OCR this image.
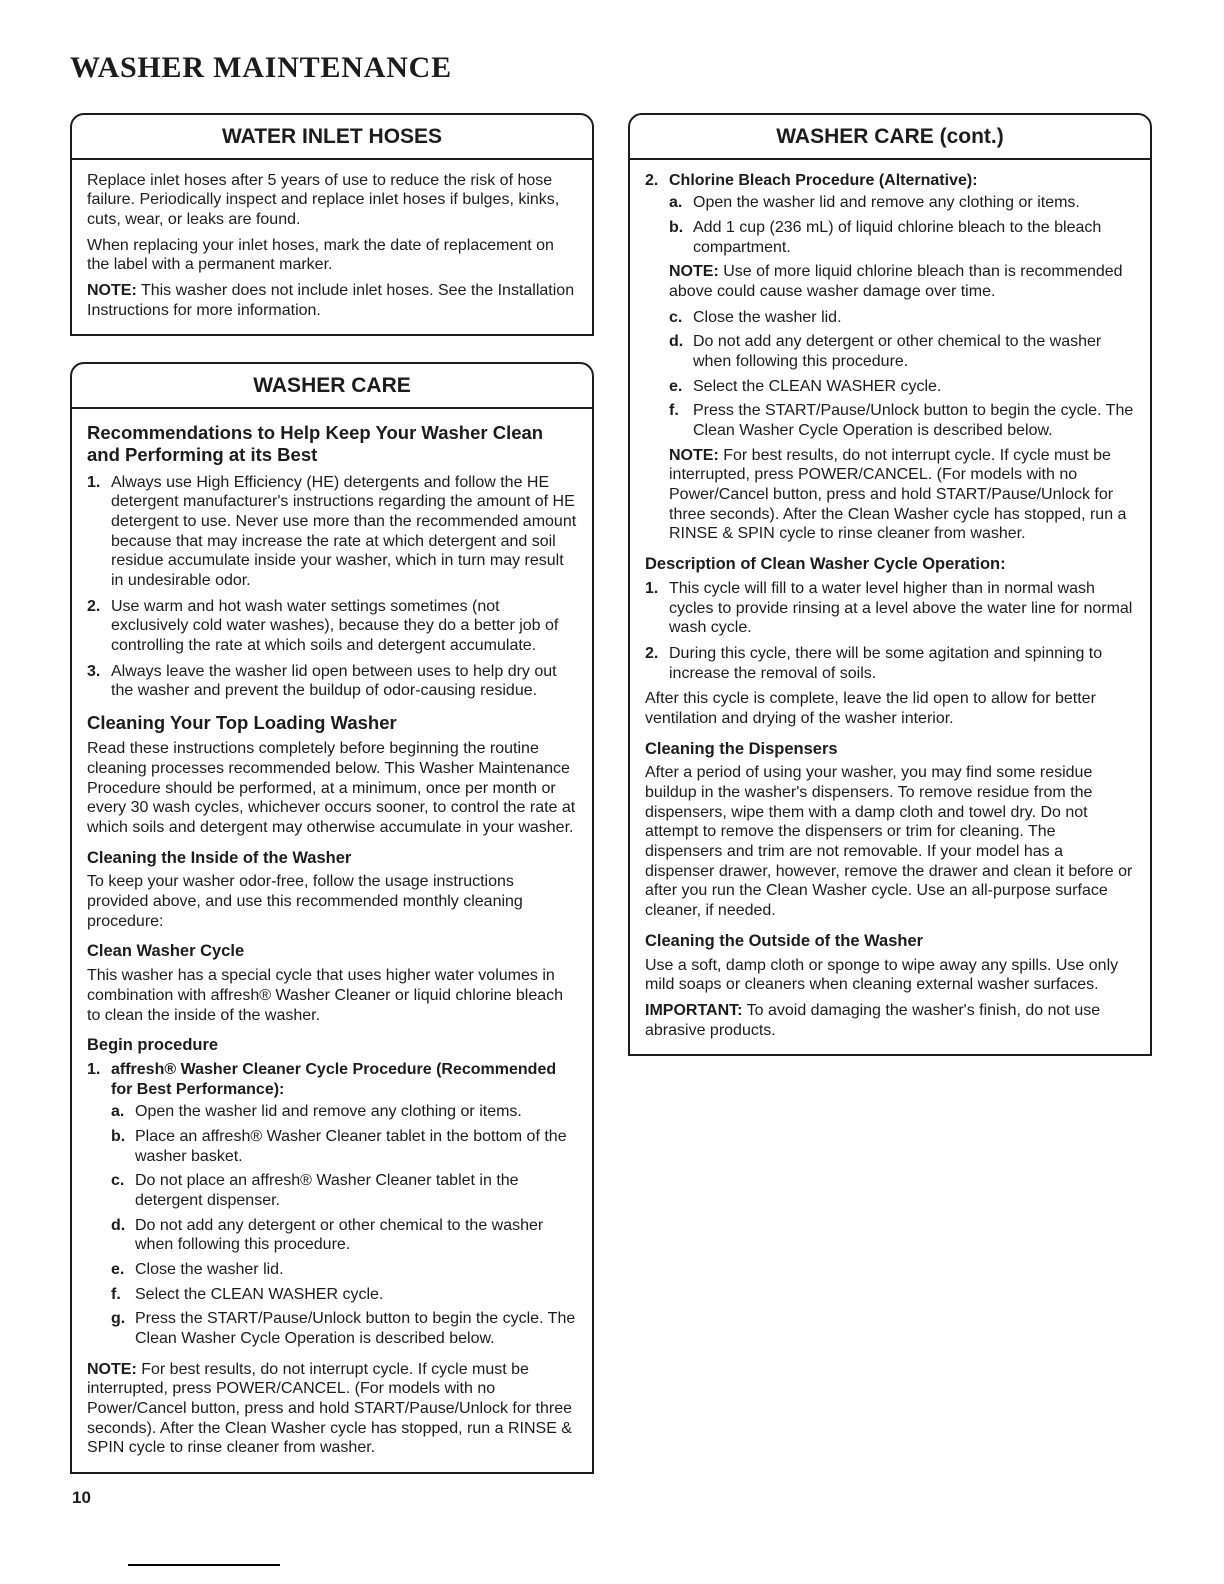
WASHER MAINTENANCE
WATER INLET HOSES

Replace inlet hoses after 5 years of use to reduce the risk of hose failure. Periodically inspect and replace inlet hoses if bulges, kinks, cuts, wear, or leaks are found.

When replacing your inlet hoses, mark the date of replacement on the label with a permanent marker.

NOTE: This washer does not include inlet hoses. See the Installation Instructions for more information.

WASHER CARE
Recommendations to Help Keep Your Washer Clean and Performing at its Best
1. Always use High Efficiency (HE) detergents and follow the HE detergent manufacturer's instructions regarding the amount of HE detergent to use. Never use more than the recommended amount because that may increase the rate at which detergent and soil residue accumulate inside your washer, which in turn may result in undesirable odor.
2. Use warm and hot wash water settings sometimes (not exclusively cold water washes), because they do a better job of controlling the rate at which soils and detergent accumulate.
3. Always leave the washer lid open between uses to help dry out the washer and prevent the buildup of odor-causing residue.
Cleaning Your Top Loading Washer

Read these instructions completely before beginning the routine cleaning processes recommended below. This Washer Maintenance Procedure should be performed, at a minimum, once per month or every 30 wash cycles, whichever occurs sooner, to control the rate at which soils and detergent may otherwise accumulate in your washer.

Cleaning the Inside of the Washer

To keep your washer odor-free, follow the usage instructions provided above, and use this recommended monthly cleaning procedure:

Clean Washer Cycle

This washer has a special cycle that uses higher water volumes in combination with affresh® Washer Cleaner or liquid chlorine bleach to clean the inside of the washer.

Begin procedure
1. affresh® Washer Cleaner Cycle Procedure (Recommended for Best Performance):
a. Open the washer lid and remove any clothing or items.
b. Place an affresh® Washer Cleaner tablet in the bottom of the washer basket.
c. Do not place an affresh® Washer Cleaner tablet in the detergent dispenser.
d. Do not add any detergent or other chemical to the washer when following this procedure.
e. Close the washer lid.
f. Select the CLEAN WASHER cycle.
g. Press the START/Pause/Unlock button to begin the cycle. The Clean Washer Cycle Operation is described below.

NOTE: For best results, do not interrupt cycle. If cycle must be interrupted, press POWER/CANCEL. (For models with no Power/Cancel button, press and hold START/Pause/Unlock for three seconds). After the Clean Washer cycle has stopped, run a RINSE & SPIN cycle to rinse cleaner from washer.

WASHER CARE (cont.)
2. Chlorine Bleach Procedure (Alternative):
a. Open the washer lid and remove any clothing or items.
b. Add 1 cup (236 mL) of liquid chlorine bleach to the bleach compartment.

NOTE: Use of more liquid chlorine bleach than is recommended above could cause washer damage over time.

c. Close the washer lid.
d. Do not add any detergent or other chemical to the washer when following this procedure.
e. Select the CLEAN WASHER cycle.
f. Press the START/Pause/Unlock button to begin the cycle. The Clean Washer Cycle Operation is described below.

NOTE: For best results, do not interrupt cycle. If cycle must be interrupted, press POWER/CANCEL. (For models with no Power/Cancel button, press and hold START/Pause/Unlock for three seconds). After the Clean Washer cycle has stopped, run a RINSE & SPIN cycle to rinse cleaner from washer.

Description of Clean Washer Cycle Operation:
1. This cycle will fill to a water level higher than in normal wash cycles to provide rinsing at a level above the water line for normal wash cycle.
2. During this cycle, there will be some agitation and spinning to increase the removal of soils.

After this cycle is complete, leave the lid open to allow for better ventilation and drying of the washer interior.

Cleaning the Dispensers

After a period of using your washer, you may find some residue buildup in the washer's dispensers. To remove residue from the dispensers, wipe them with a damp cloth and towel dry. Do not attempt to remove the dispensers or trim for cleaning. The dispensers and trim are not removable. If your model has a dispenser drawer, however, remove the drawer and clean it before or after you run the Clean Washer cycle. Use an all-purpose surface cleaner, if needed.

Cleaning the Outside of the Washer

Use a soft, damp cloth or sponge to wipe away any spills. Use only mild soaps or cleaners when cleaning external washer surfaces.

IMPORTANT: To avoid damaging the washer's finish, do not use abrasive products.

10
